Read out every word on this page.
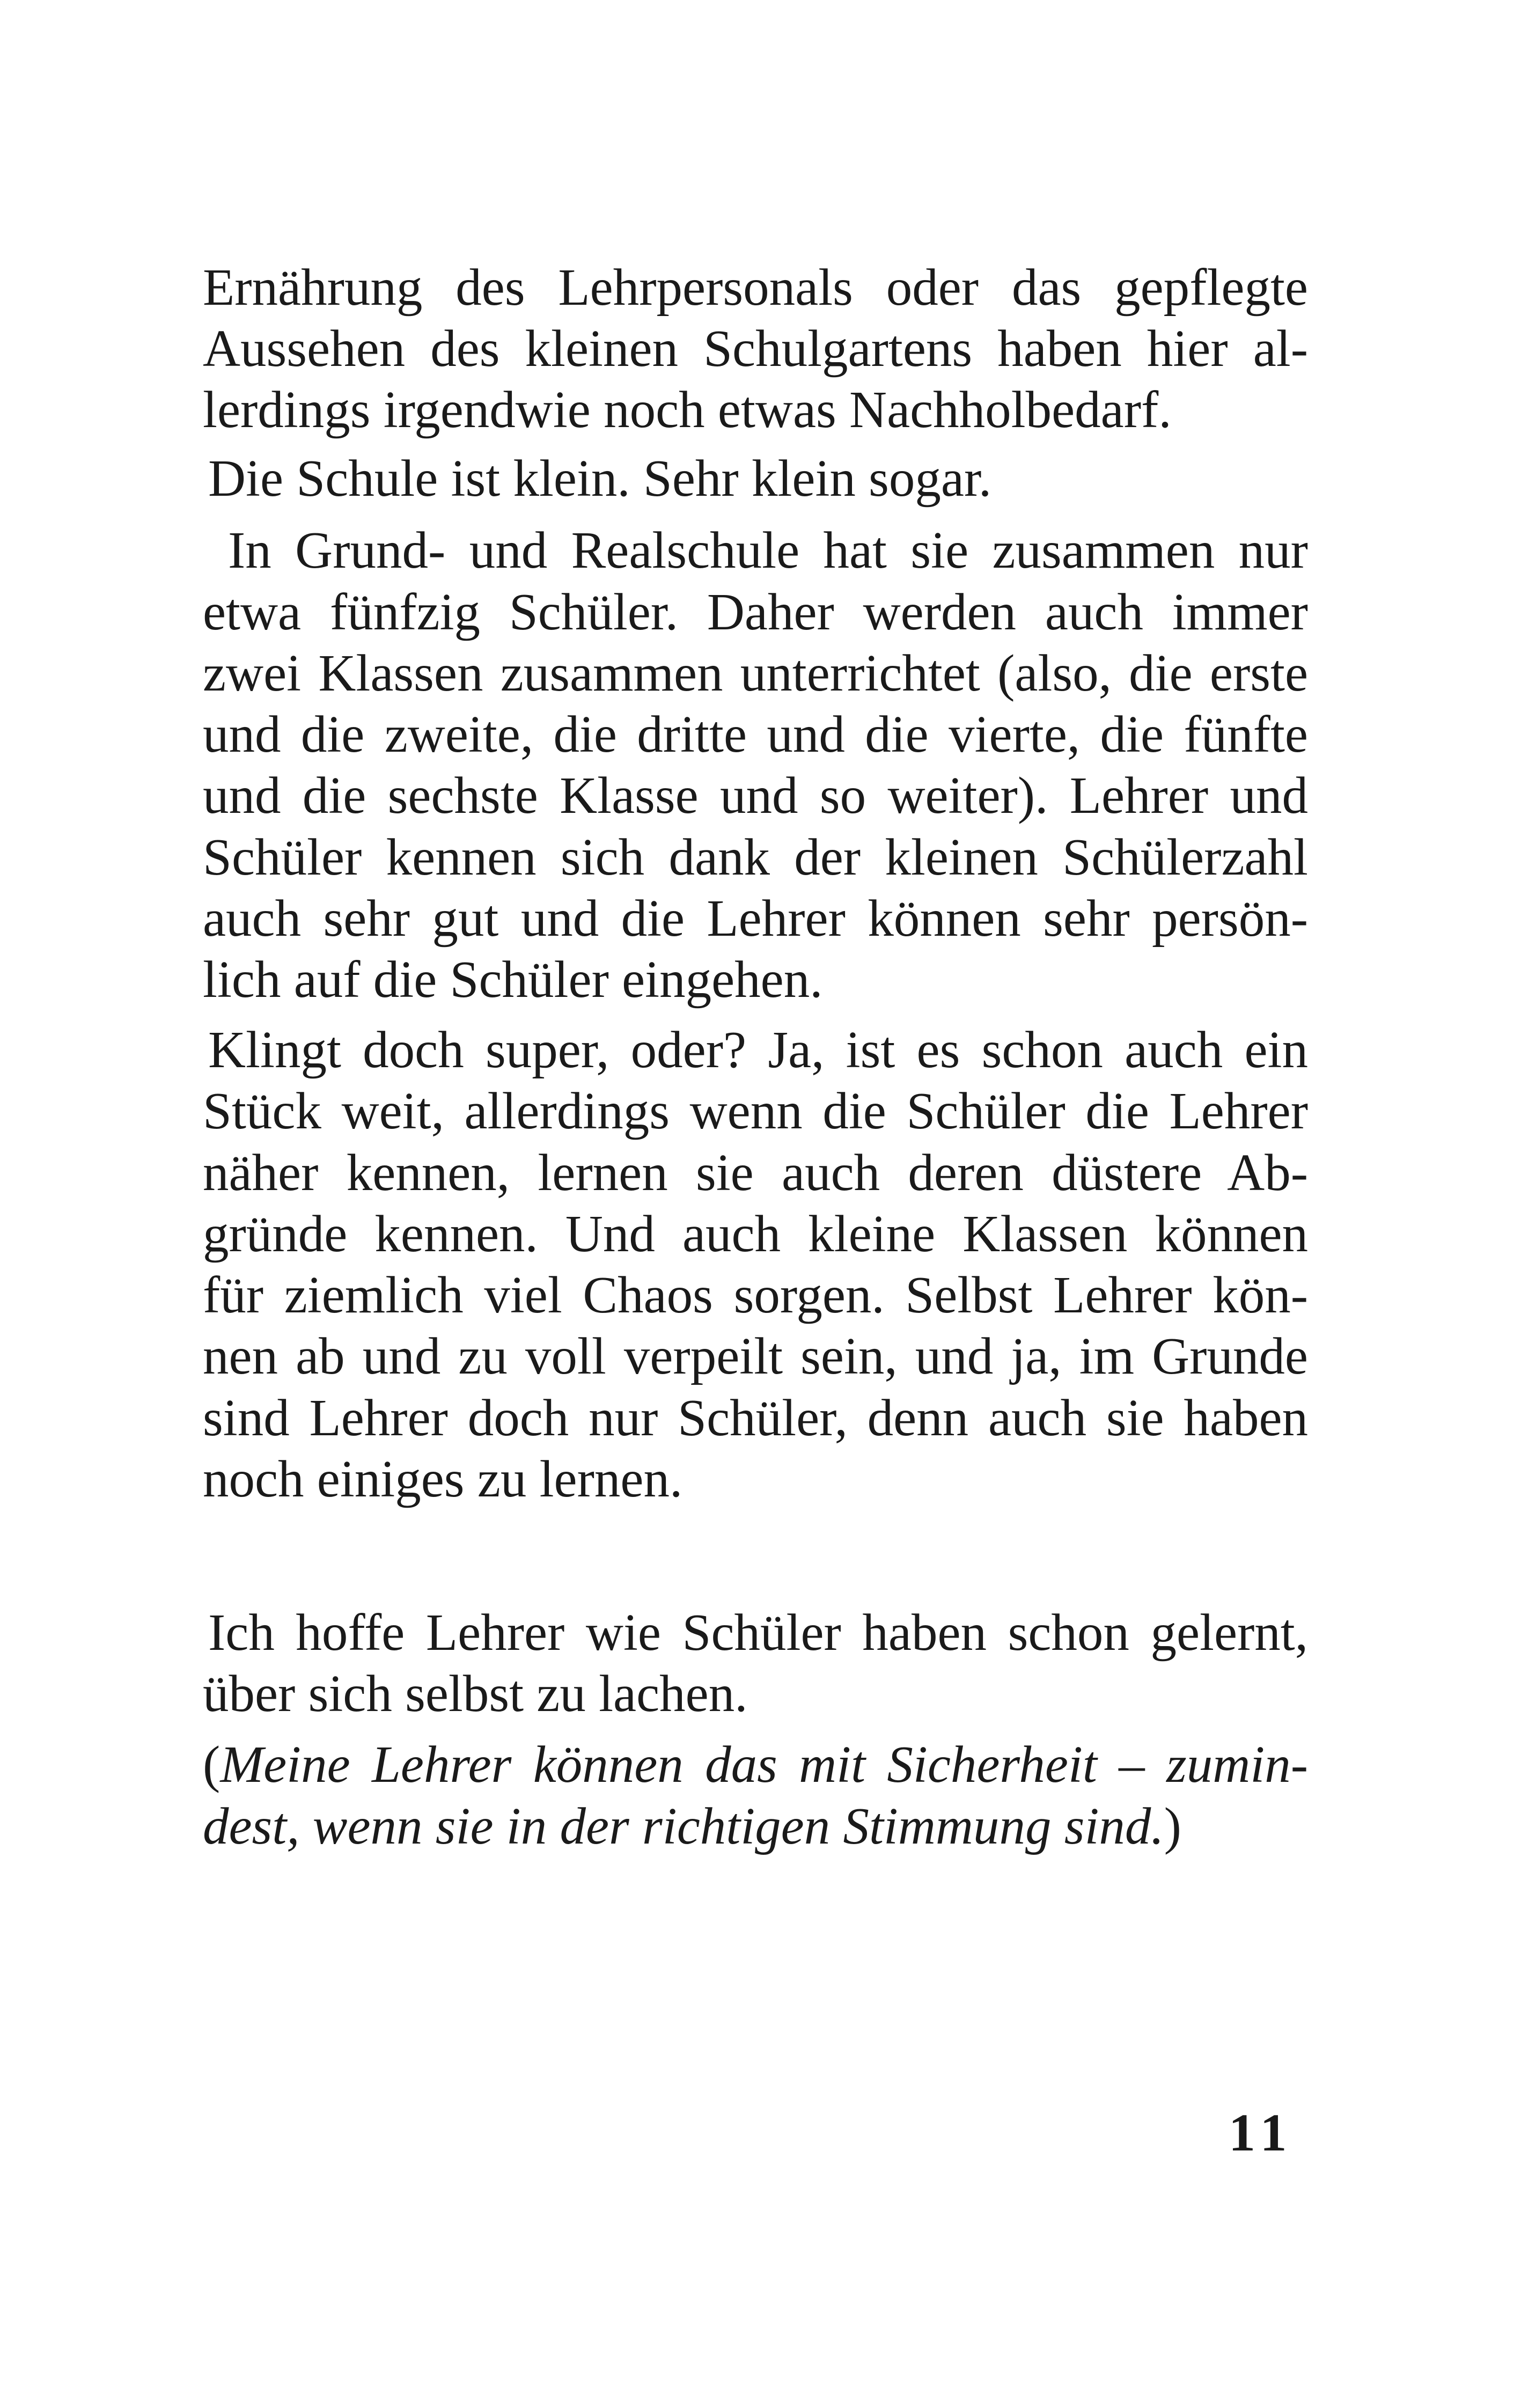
Ernährung des Lehrpersonals oder das gepflegte
Aussehen des kleinen Schulgartens haben hier al-
lerdings irgendwie noch etwas Nachholbedarf.
Die Schule ist klein. Sehr klein sogar.
In Grund- und Realschule hat sie zusammen nur
etwa fünfzig Schüler. Daher werden auch immer
zwei Klassen zusammen unterrichtet (also, die erste
und die zweite, die dritte und die vierte, die fünfte
und die sechste Klasse und so weiter). Lehrer und
Schüler kennen sich dank der kleinen Schülerzahl
auch sehr gut und die Lehrer können sehr persön-
lich auf die Schüler eingehen.
Klingt doch super, oder? Ja, ist es schon auch ein
Stück weit, allerdings wenn die Schüler die Lehrer
näher kennen, lernen sie auch deren düstere Ab-
gründe kennen. Und auch kleine Klassen können
für ziemlich viel Chaos sorgen. Selbst Lehrer kön-
nen ab und zu voll verpeilt sein, und ja, im Grunde
sind Lehrer doch nur Schüler, denn auch sie haben
noch einiges zu lernen.
Ich hoffe Lehrer wie Schüler haben schon gelernt,
über sich selbst zu lachen.
(Meine Lehrer können das mit Sicherheit – zumin-
dest, wenn sie in der richtigen Stimmung sind.)
11
